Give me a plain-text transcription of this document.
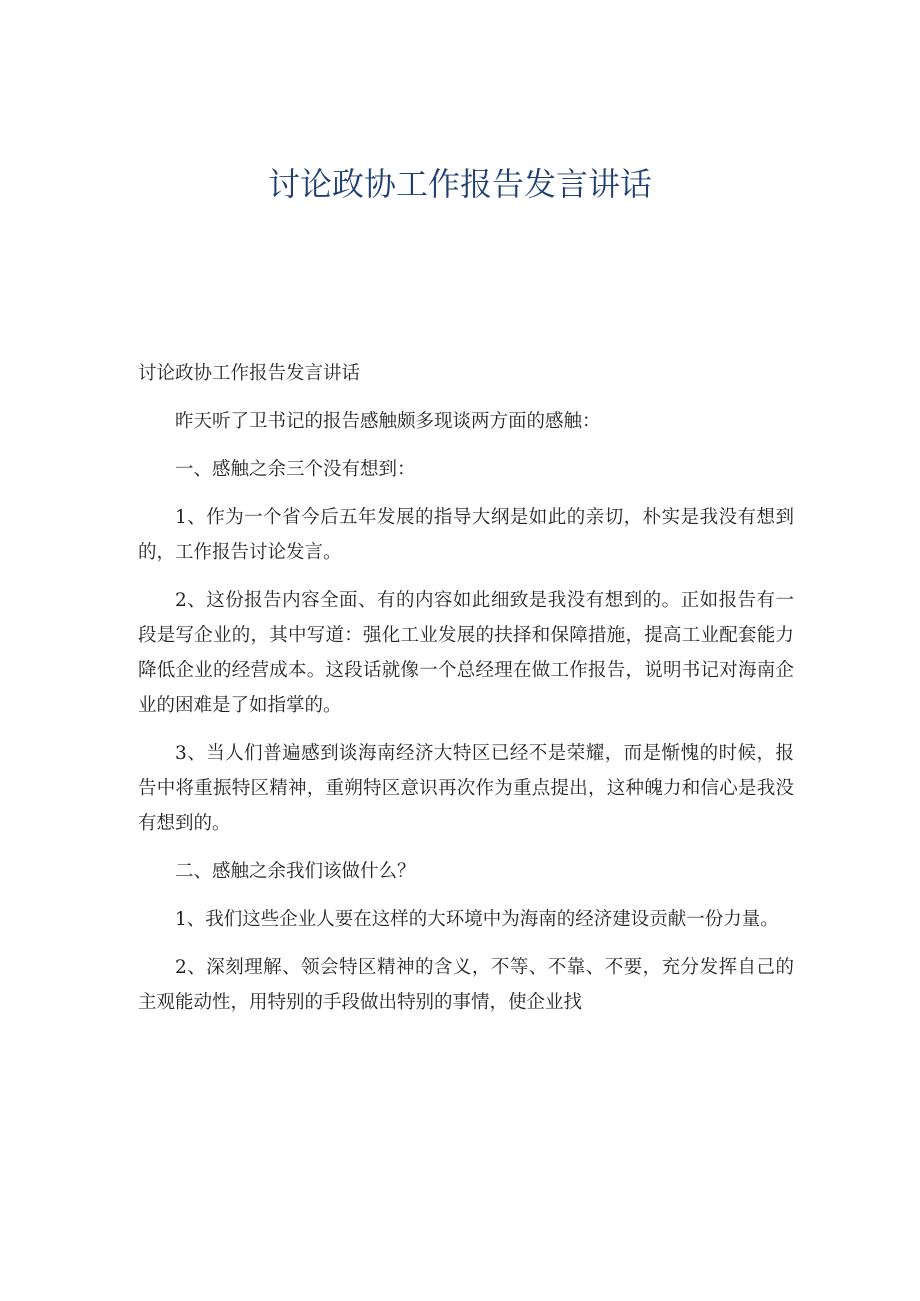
讨论政协工作报告发言讲话

讨论政协工作报告发言讲话

昨天听了卫书记的报告感触颇多现谈两方面的感触：

一、感触之余三个没有想到：

1、作为一个省今后五年发展的指导大纲是如此的亲切，朴实是我没有想到的，工作报告讨论发言。

2、这份报告内容全面、有的内容如此细致是我没有想到的。正如报告有一段是写企业的，其中写道：强化工业发展的扶择和保障措施，提高工业配套能力降低企业的经营成本。这段话就像一个总经理在做工作报告，说明书记对海南企业的困难是了如指掌的。

3、当人们普遍感到谈海南经济大特区已经不是荣耀，而是惭愧的时候，报告中将重振特区精神，重朔特区意识再次作为重点提出，这种魄力和信心是我没有想到的。

二、感触之余我们该做什么？

1、我们这些企业人要在这样的大环境中为海南的经济建设贡献一份力量。

2、深刻理解、领会特区精神的含义，不等、不靠、不要，充分发挥自己的主观能动性，用特别的手段做出特别的事情，使企业找
